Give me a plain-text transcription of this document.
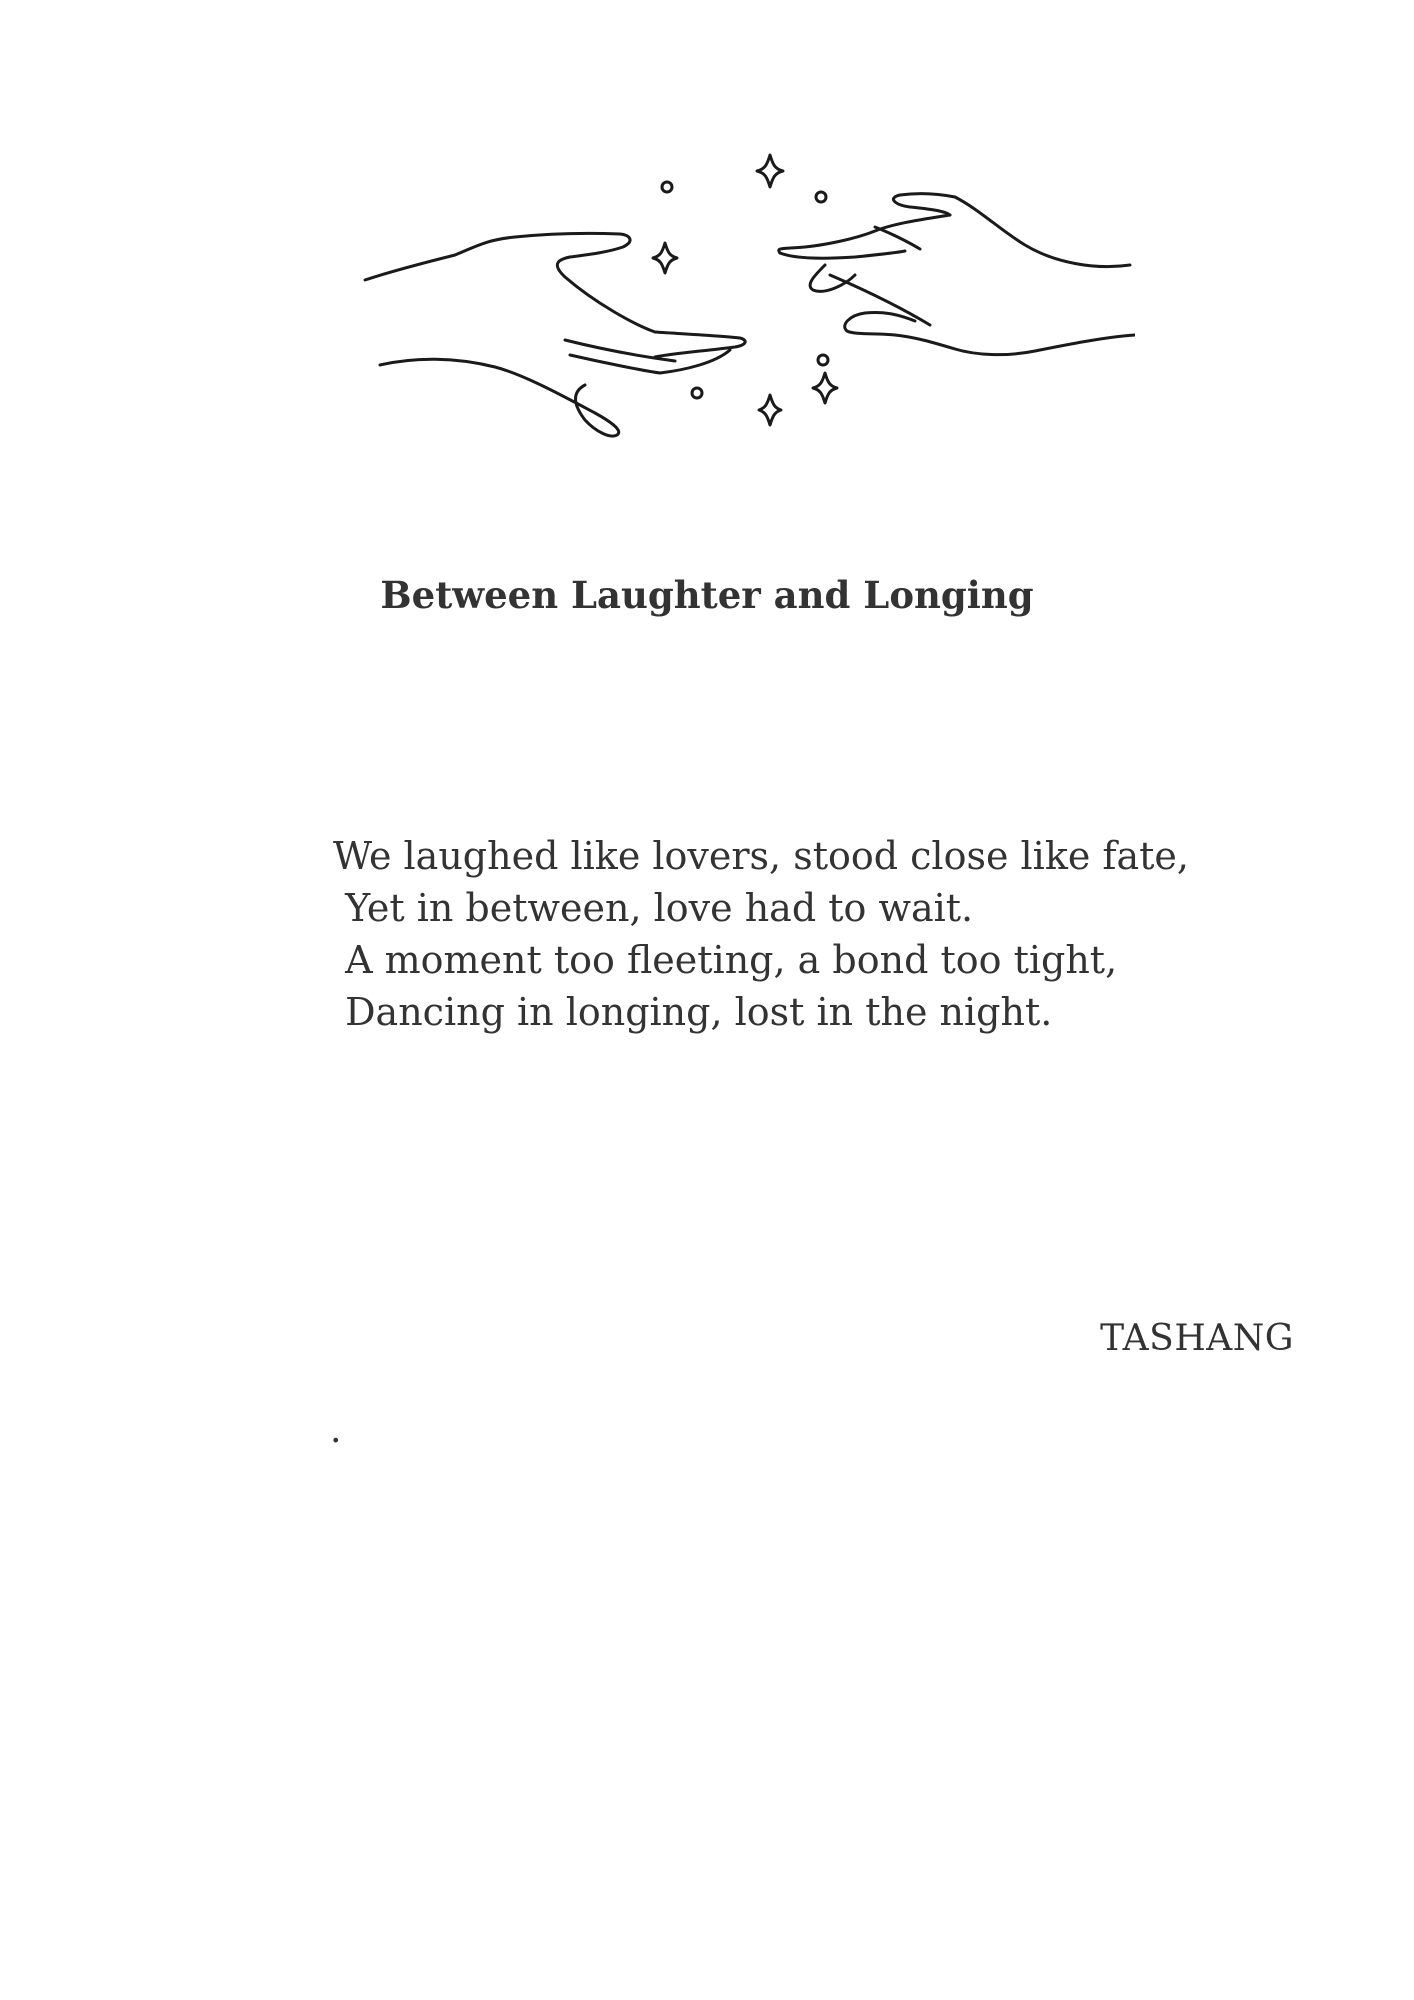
Between Laughter and Longing
We laughed like lovers, stood close like fate,
Yet in between, love had to wait.
A moment too fleeting, a bond too tight,
Dancing in longing, lost in the night.
TASHANG
.
